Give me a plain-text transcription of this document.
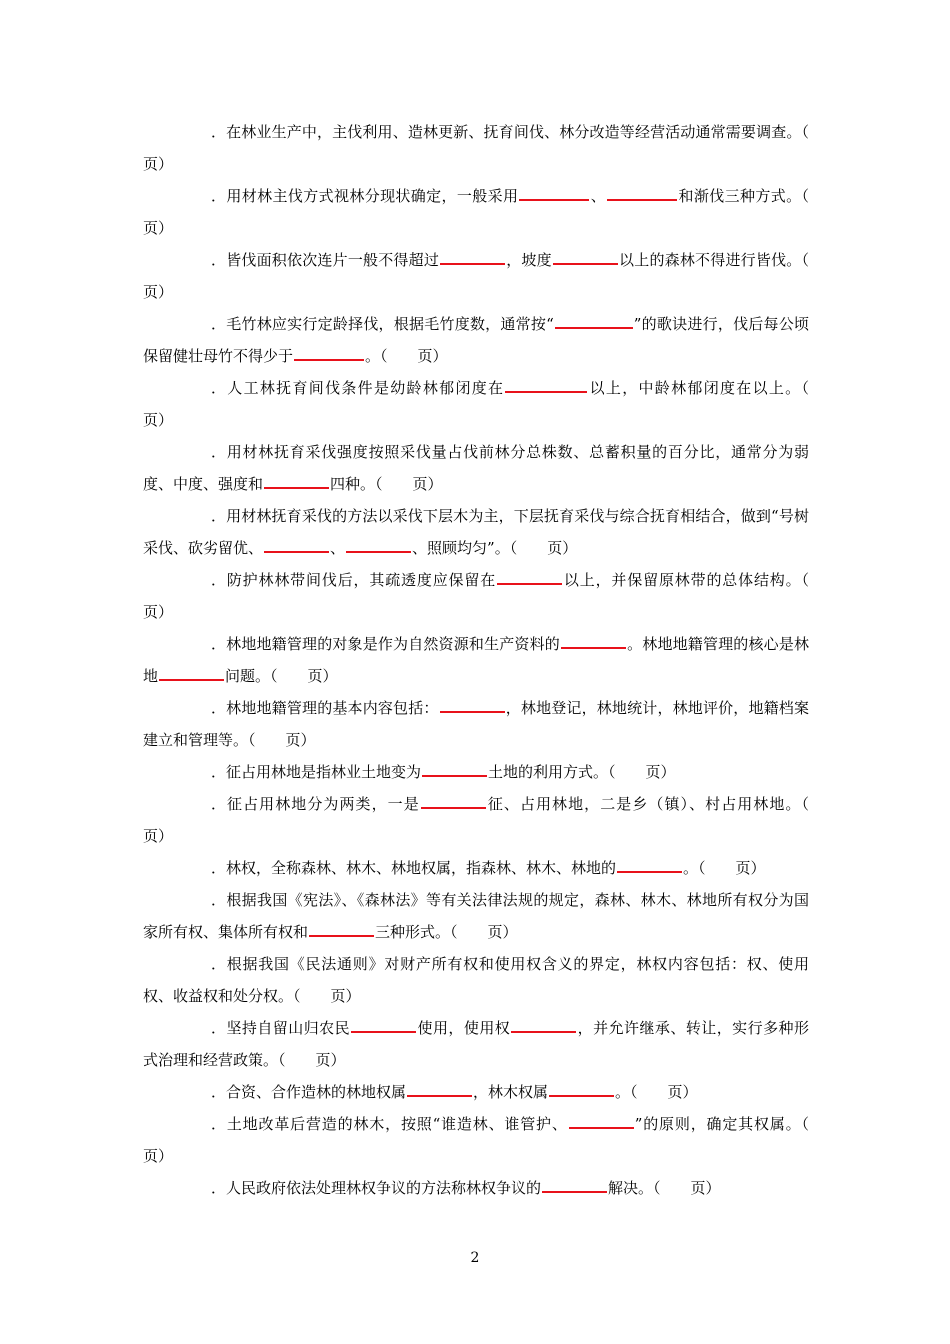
．在林业生产中，主伐利用、造林更新、抚育间伐、林分改造等经营活动通常需要调查。（　　页）

．用材林主伐方式视林分现状确定，一般采用	、	和渐伐三种方式。（　　页）

．皆伐面积依次连片一般不得超过	，坡度	以上的森林不得进行皆伐。（　　页）

．毛竹林应实行定龄择伐，根据毛竹度数，通常按“	”的歌诀进行，伐后每公顷保留健壮母竹不得少于	。（　　页）

．人工林抚育间伐条件是幼龄林郁闭度在	以上，中龄林郁闭度在以上。（　　页）

．用材林抚育采伐强度按照采伐量占伐前林分总株数、总蓄积量的百分比，通常分为弱度、中度、强度和	四种。（　　页）

．用材林抚育采伐的方法以采伐下层木为主，下层抚育采伐与综合抚育相结合，做到“号树采伐、砍劣留优、	、	、照顾均匀”。（　　页）

．防护林林带间伐后，其疏透度应保留在	以上，并保留原林带的总体结构。（　　页）

．林地地籍管理的对象是作为自然资源和生产资料的	。林地地籍管理的核心是林地	问题。（　　页）

．林地地籍管理的基本内容包括：	，林地登记，林地统计，林地评价，地籍档案建立和管理等。（　　页）

．征占用林地是指林业土地变为	土地的利用方式。（　　页）

．征占用林地分为两类，一是	征、占用林地，二是乡（镇）、村占用林地。（　　页）

．林权，全称森林、林木、林地权属，指森林、林木、林地的	。（　　页）

．根据我国《宪法》、《森林法》等有关法律法规的规定，森林、林木、林地所有权分为国家所有权、集体所有权和	三种形式。（　　页）

．根据我国《民法通则》对财产所有权和使用权含义的界定，林权内容包括：权、使用权、收益权和处分权。（　　页）

．坚持自留山归农民	使用，使用权	，并允许继承、转让，实行多种形式治理和经营政策。（　　页）

．合资、合作造林的林地权属	，林木权属	。（　　页）

．土地改革后营造的林木，按照“谁造林、谁管护、	”的原则，确定其权属。（　　页）

．人民政府依法处理林权争议的方法称林权争议的	解决。（　　页）

2
